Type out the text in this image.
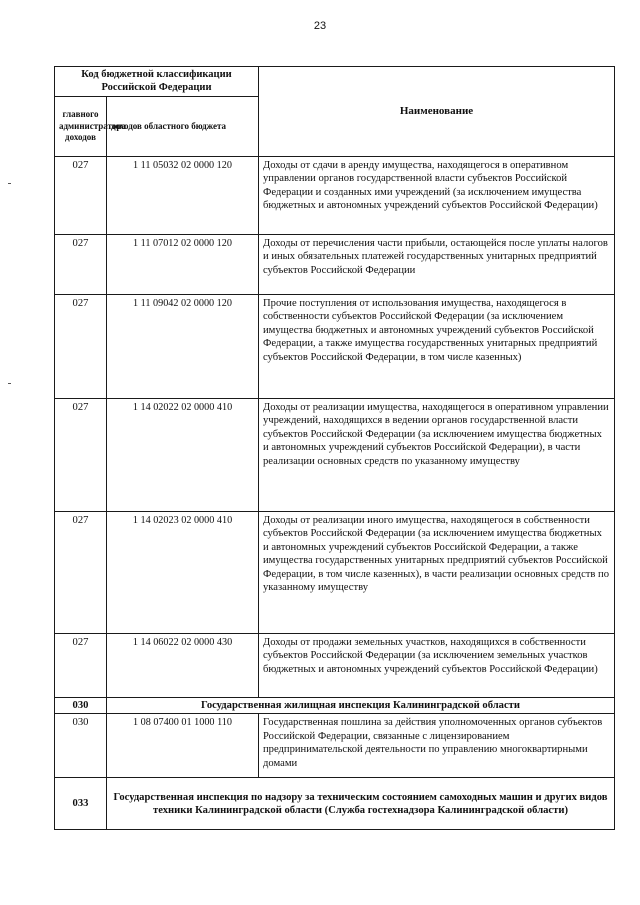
23
Код бюджетной классификации Российской Федерации		Наименование
главного администратора доходов	доходов областного бюджета	
027	1 11 05032 02 0000 120	Доходы от сдачи в аренду имущества, находящегося в оперативном управлении органов государственной власти субъектов Российской Федерации и созданных ими учреждений (за исключением имущества бюджетных и автономных учреждений субъектов Российской Федерации)
027	1 11 07012 02 0000 120	Доходы от перечисления части прибыли, остающейся после уплаты налогов и иных обязательных платежей государственных унитарных предприятий субъектов Российской Федерации
027	1 11 09042 02 0000 120	Прочие поступления от использования имущества, находящегося в собственности субъектов Российской Федерации (за исключением имущества бюджетных и автономных учреждений субъектов Российской Федерации, а также имущества государственных унитарных предприятий субъектов Российской Федерации, в том числе казенных)
027	1 14 02022 02 0000 410	Доходы от реализации имущества, находящегося в оперативном управлении учреждений, находящихся в ведении органов государственной власти субъектов Российской Федерации (за исключением имущества бюджетных и автономных учреждений субъектов Российской Федерации), в части реализации основных средств по указанному имуществу
027	1 14 02023 02 0000 410	Доходы от реализации иного имущества, находящегося в собственности субъектов Российской Федерации (за исключением имущества бюджетных и автономных учреждений субъектов Российской Федерации, а также имущества государственных унитарных предприятий субъектов Российской Федерации, в том числе казенных), в части реализации основных средств по указанному имуществу
027	1 14 06022 02 0000 430	Доходы от продажи земельных участков, находящихся в собственности субъектов Российской Федерации (за исключением земельных участков бюджетных и автономных учреждений субъектов Российской Федерации)
030	Государственная жилищная инспекция Калининградской области	
030	1 08 07400 01 1000 110	Государственная пошлина за действия уполномоченных органов субъектов Российской Федерации, связанные с лицензированием предпринимательской деятельности по управлению многоквартирными домами
033	Государственная инспекция по надзору за техническим состоянием самоходных машин и других видов техники Калининградской области (Служба гостехнадзора Калининградской области)	
